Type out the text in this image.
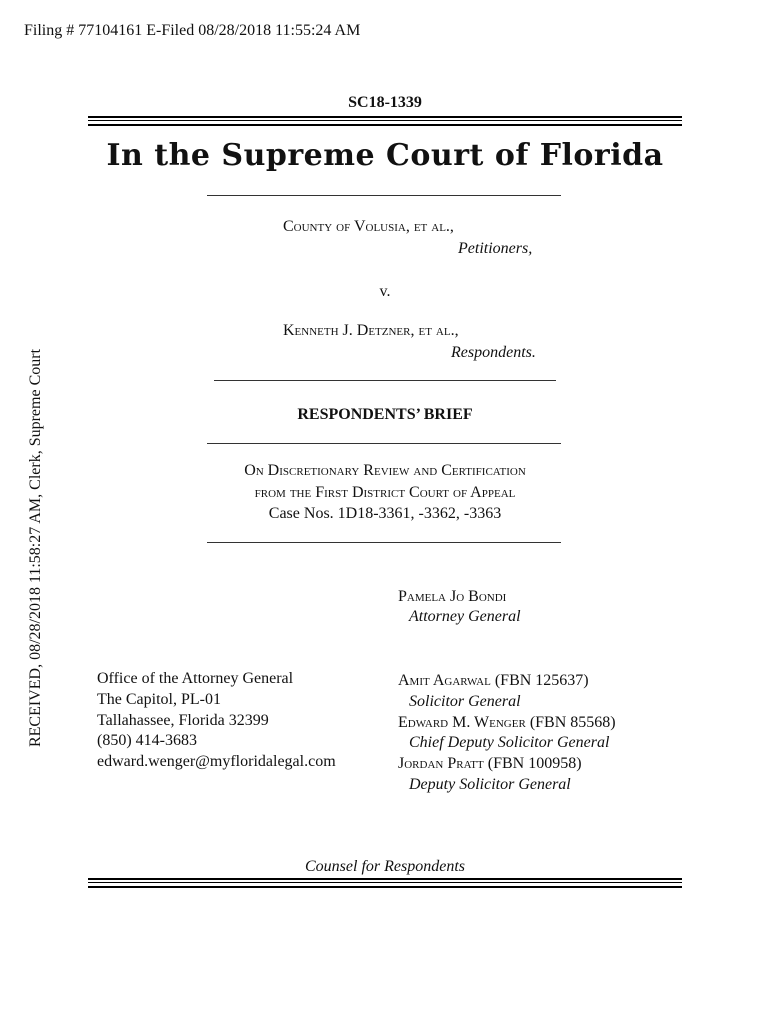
Filing # 77104161 E-Filed 08/28/2018 11:55:24 AM
RECEIVED, 08/28/2018 11:58:27 AM, Clerk, Supreme Court
SC18-1339
In the Supreme Court of Florida
County of Volusia, et al.,
Petitioners,
v.
Kenneth J. Detzner, et al.,
Respondents.
RESPONDENTS’ BRIEF
On Discretionary Review and Certification
from the First District Court of Appeal
Case Nos. 1D18-3361, -3362, -3363
Pamela Jo Bondi
Attorney General
Office of the Attorney General
The Capitol, PL-01
Tallahassee, Florida 32399
(850) 414-3683
edward.wenger@myfloridalegal.com
Amit Agarwal (FBN 125637)
Solicitor General
Edward M. Wenger (FBN 85568)
Chief Deputy Solicitor General
Jordan Pratt (FBN 100958)
Deputy Solicitor General
Counsel for Respondents
